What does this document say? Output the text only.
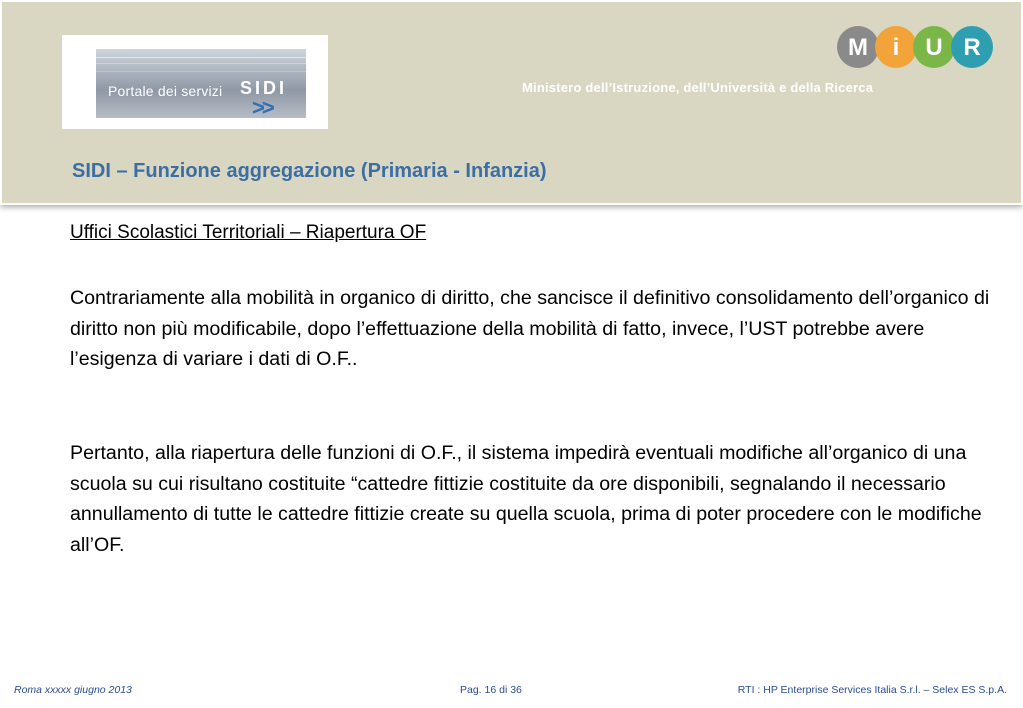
Portale dei servizi SIDI
>>
M i U R
Ministero dell’Istruzione, dell’Università e della Ricerca
SIDI – Funzione aggregazione (Primaria - Infanzia)

Uffici Scolastici Territoriali – Riapertura OF

Contrariamente alla mobilità in organico di diritto, che sancisce il definitivo consolidamento dell’organico di diritto non più modificabile, dopo l’effettuazione della mobilità di fatto, invece, l’UST potrebbe avere l’esigenza di variare i dati di O.F..

Pertanto, alla riapertura delle funzioni di O.F., il sistema impedirà eventuali modifiche all’organico di una scuola su cui risultano costituite “cattedre fittizie costituite da ore disponibili, segnalando il necessario annullamento di tutte le cattedre fittizie create su quella scuola, prima di poter procedere con le modifiche all’OF.

Roma xxxxx giugno 2013	Pag. 16 di 36	RTI : HP Enterprise Services Italia S.r.l. – Selex ES S.p.A.
